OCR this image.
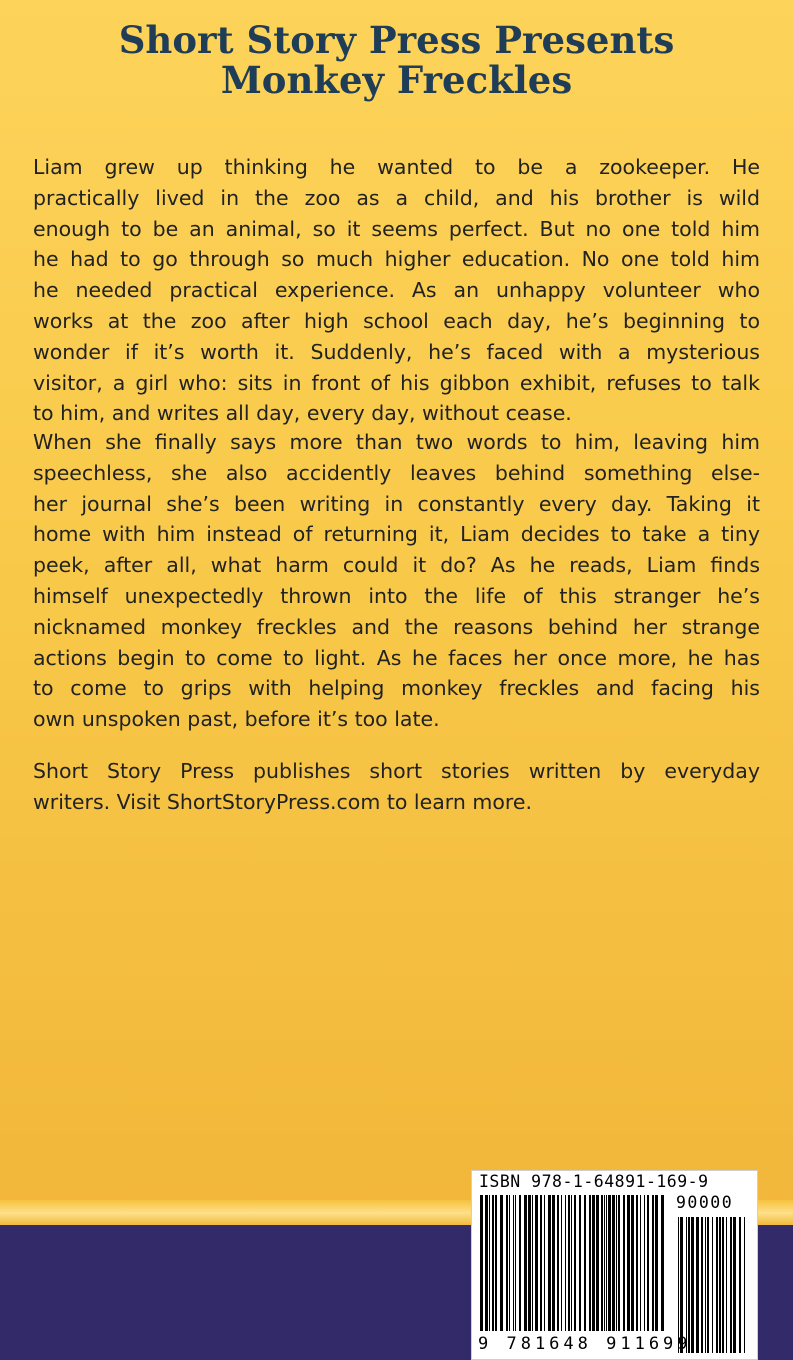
Short Story Press Presents
Monkey Freckles
Liam grew up thinking he wanted to be a zookeeper. He
practically lived in the zoo as a child, and his brother is wild
enough to be an animal, so it seems perfect. But no one told him
he had to go through so much higher education. No one told him
he needed practical experience. As an unhappy volunteer who
works at the zoo after high school each day, he’s beginning to
wonder if it’s worth it. Suddenly, he’s faced with a mysterious
visitor, a girl who: sits in front of his gibbon exhibit, refuses to talk
to him, and writes all day, every day, without cease.
When she finally says more than two words to him, leaving him
speechless, she also accidently leaves behind something else-
her journal she’s been writing in constantly every day. Taking it
home with him instead of returning it, Liam decides to take a tiny
peek, after all, what harm could it do? As he reads, Liam finds
himself unexpectedly thrown into the life of this stranger he’s
nicknamed monkey freckles and the reasons behind her strange
actions begin to come to light. As he faces her once more, he has
to come to grips with helping monkey freckles and facing his
own unspoken past, before it’s too late.
Short Story Press publishes short stories written by everyday
writers. Visit ShortStoryPress.com to learn more.
ISBN 978-1-64891-169-9
90000
9 781648 911699
